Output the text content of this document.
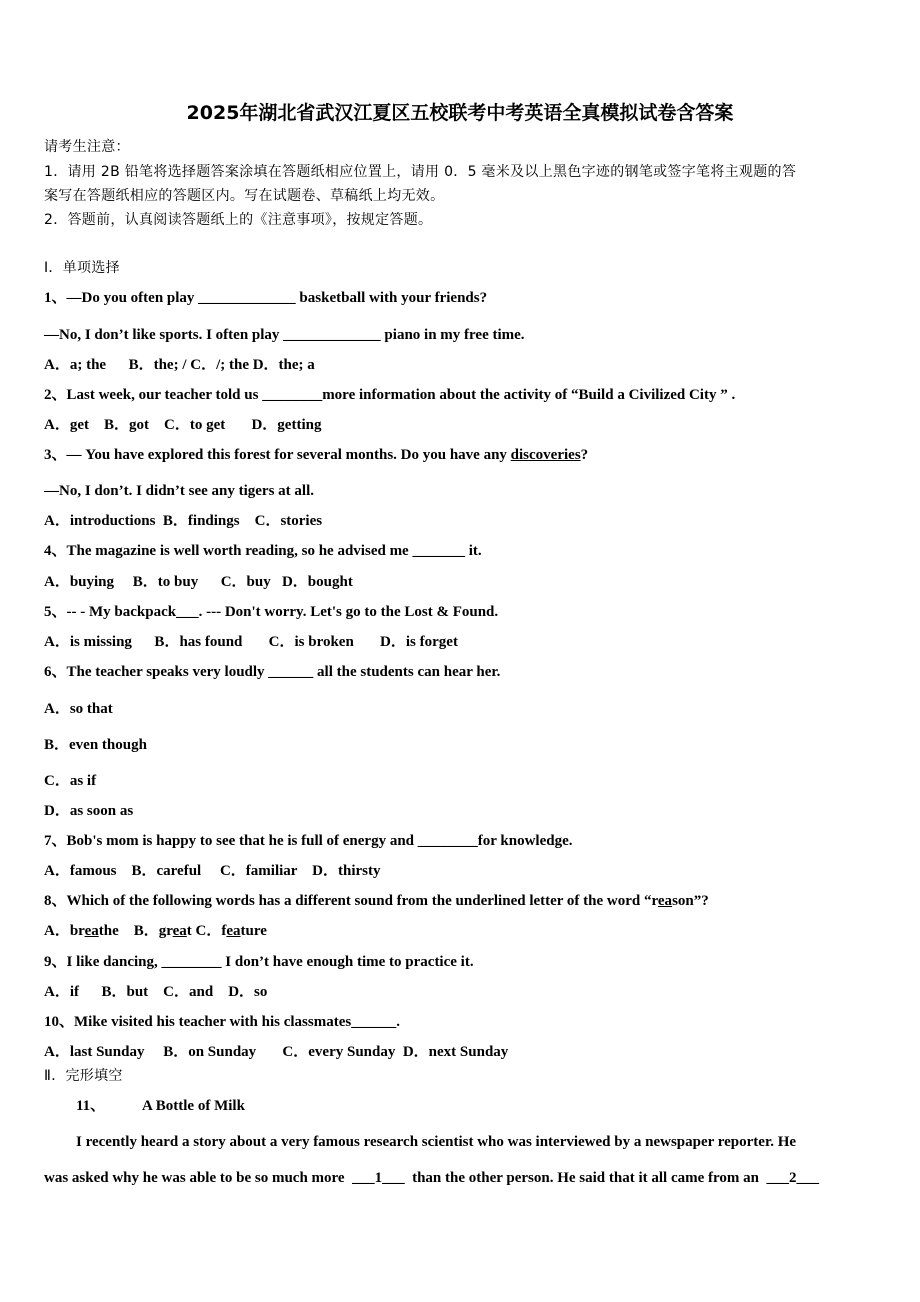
2025年湖北省武汉江夏区五校联考中考英语全真模拟试卷含答案
请考生注意：
1．请用 2B 铅笔将选择题答案涂填在答题纸相应位置上，请用 0．5 毫米及以上黑色字迹的钢笔或签字笔将主观题的答
案写在答题纸相应的答题区内。写在试题卷、草稿纸上均无效。
2．答题前，认真阅读答题纸上的《注意事项》，按规定答题。
Ⅰ．单项选择
1、—Do you often play _____________ basketball with your friends?
—No, I don’t like sports. I often play _____________ piano in my free time.
A．a; the      B．the; / C．/; the D．the; a
2、Last week, our teacher told us ________more information about the activity of “Build a Civilized City ” .
A．get    B．got    C．to get       D．getting
3、— You have explored this forest for several months. Do you have any discoveries?
—No, I don’t. I didn’t see any tigers at all.
A．introductions  B．findings    C．stories
4、The magazine is well worth reading, so he advised me _______ it.
A．buying     B．to buy      C．buy   D．bought
5、-- - My backpack___. --- Don't worry. Let's go to the Lost & Found.
A．is missing      B．has found       C．is broken       D．is forget
6、The teacher speaks very loudly ______ all the students can hear her.
A．so that
B．even though
C．as if
D．as soon as
7、Bob's mom is happy to see that he is full of energy and ________for knowledge.
A．famous    B．careful     C．familiar    D．thirsty
8、Which of the following words has a different sound from the underlined letter of the word “reason”?
A．breathe    B．great C．feature
9、I like dancing, ________ I don’t have enough time to practice it.
A．if      B．but    C．and    D．so
10、Mike visited his teacher with his classmates______.
A．last Sunday     B．on Sunday       C．every Sunday  D．next Sunday
Ⅱ．完形填空
11、 A Bottle of Milk
I recently heard a story about a very famous research scientist who was interviewed by a newspaper reporter. He
was asked why he was able to be so much more  ___1___  than the other person. He said that it all came from an  ___2___
